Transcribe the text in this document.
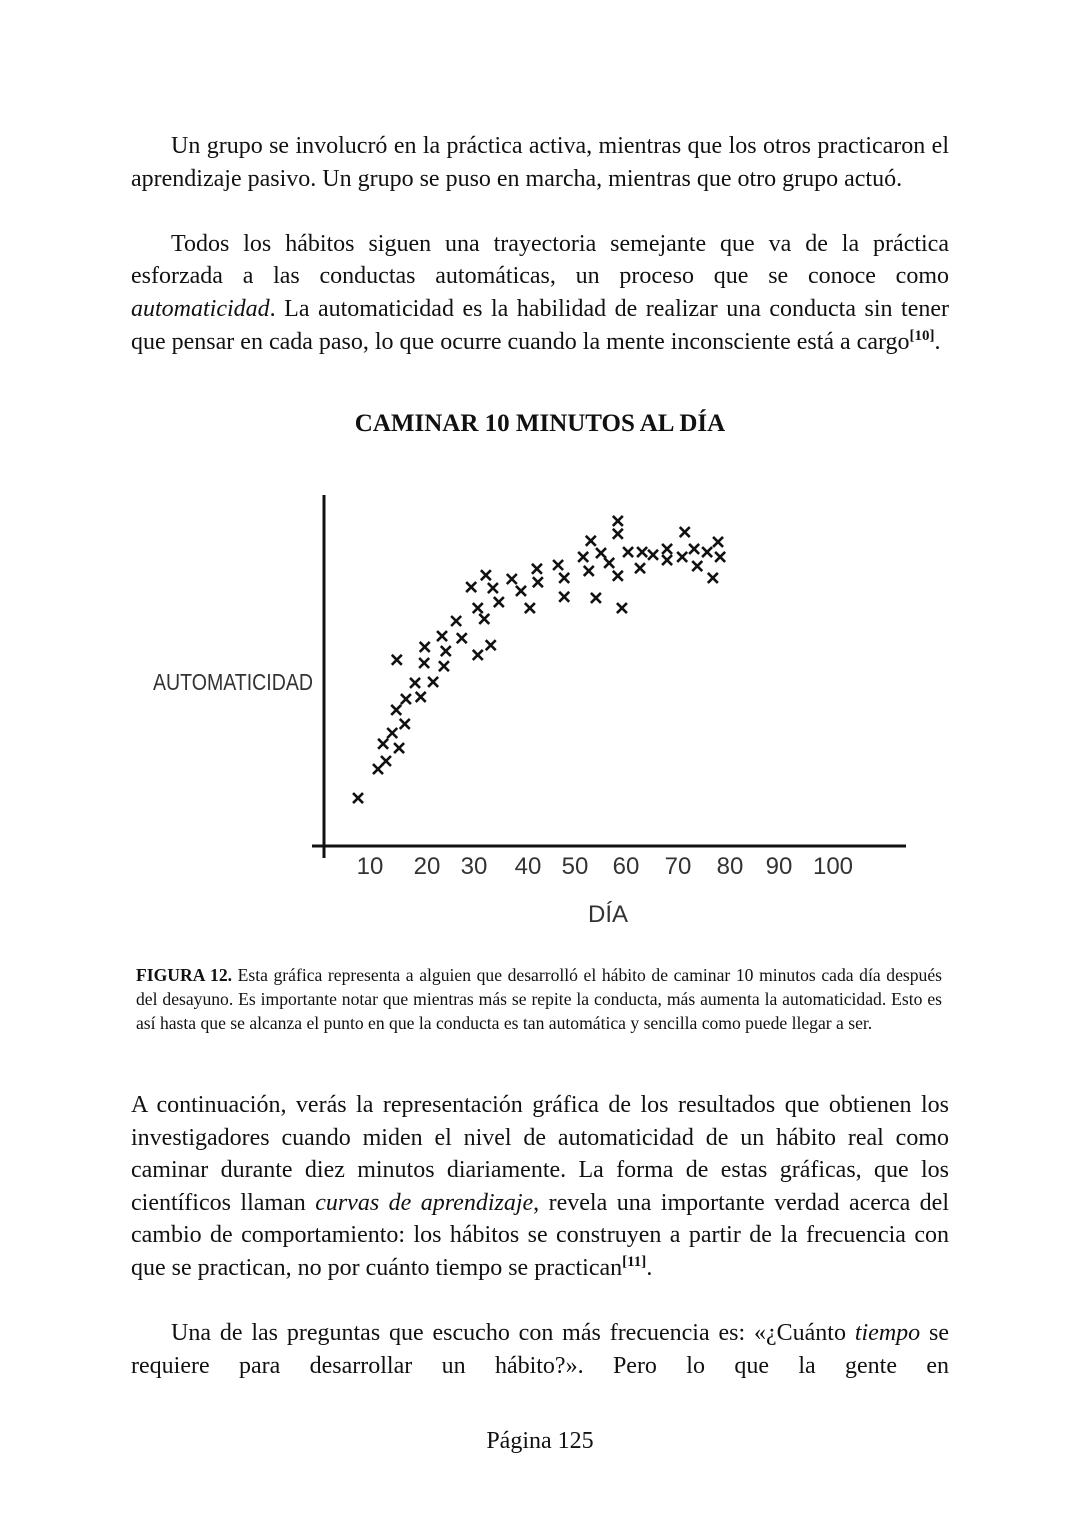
Un grupo se involucró en la práctica activa, mientras que los otros practicaron el aprendizaje pasivo. Un grupo se puso en marcha, mientras que otro grupo actuó.

Todos los hábitos siguen una trayectoria semejante que va de la práctica esforzada a las conductas automáticas, un proceso que se conoce como automaticidad. La automaticidad es la habilidad de realizar una conducta sin tener que pensar en cada paso, lo que ocurre cuando la mente inconsciente está a cargo[10].

CAMINAR 10 MINUTOS AL DÍA
AUTOMATICIDAD
DÍA
10 20 30 40 50 60 70 80 90 100
FIGURA 12. Esta gráfica representa a alguien que desarrolló el hábito de caminar 10 minutos cada día después del desayuno. Es importante notar que mientras más se repite la conducta, más aumenta la automaticidad. Esto es así hasta que se alcanza el punto en que la conducta es tan automática y sencilla como puede llegar a ser.

A continuación, verás la representación gráfica de los resultados que obtienen los investigadores cuando miden el nivel de automaticidad de un hábito real como caminar durante diez minutos diariamente. La forma de estas gráficas, que los científicos llaman curvas de aprendizaje, revela una importante verdad acerca del cambio de comportamiento: los hábitos se construyen a partir de la frecuencia con que se practican, no por cuánto tiempo se practican[11].

Una de las preguntas que escucho con más frecuencia es: «¿Cuánto tiempo se requiere para desarrollar un hábito?». Pero lo que la gente en

Página 125
